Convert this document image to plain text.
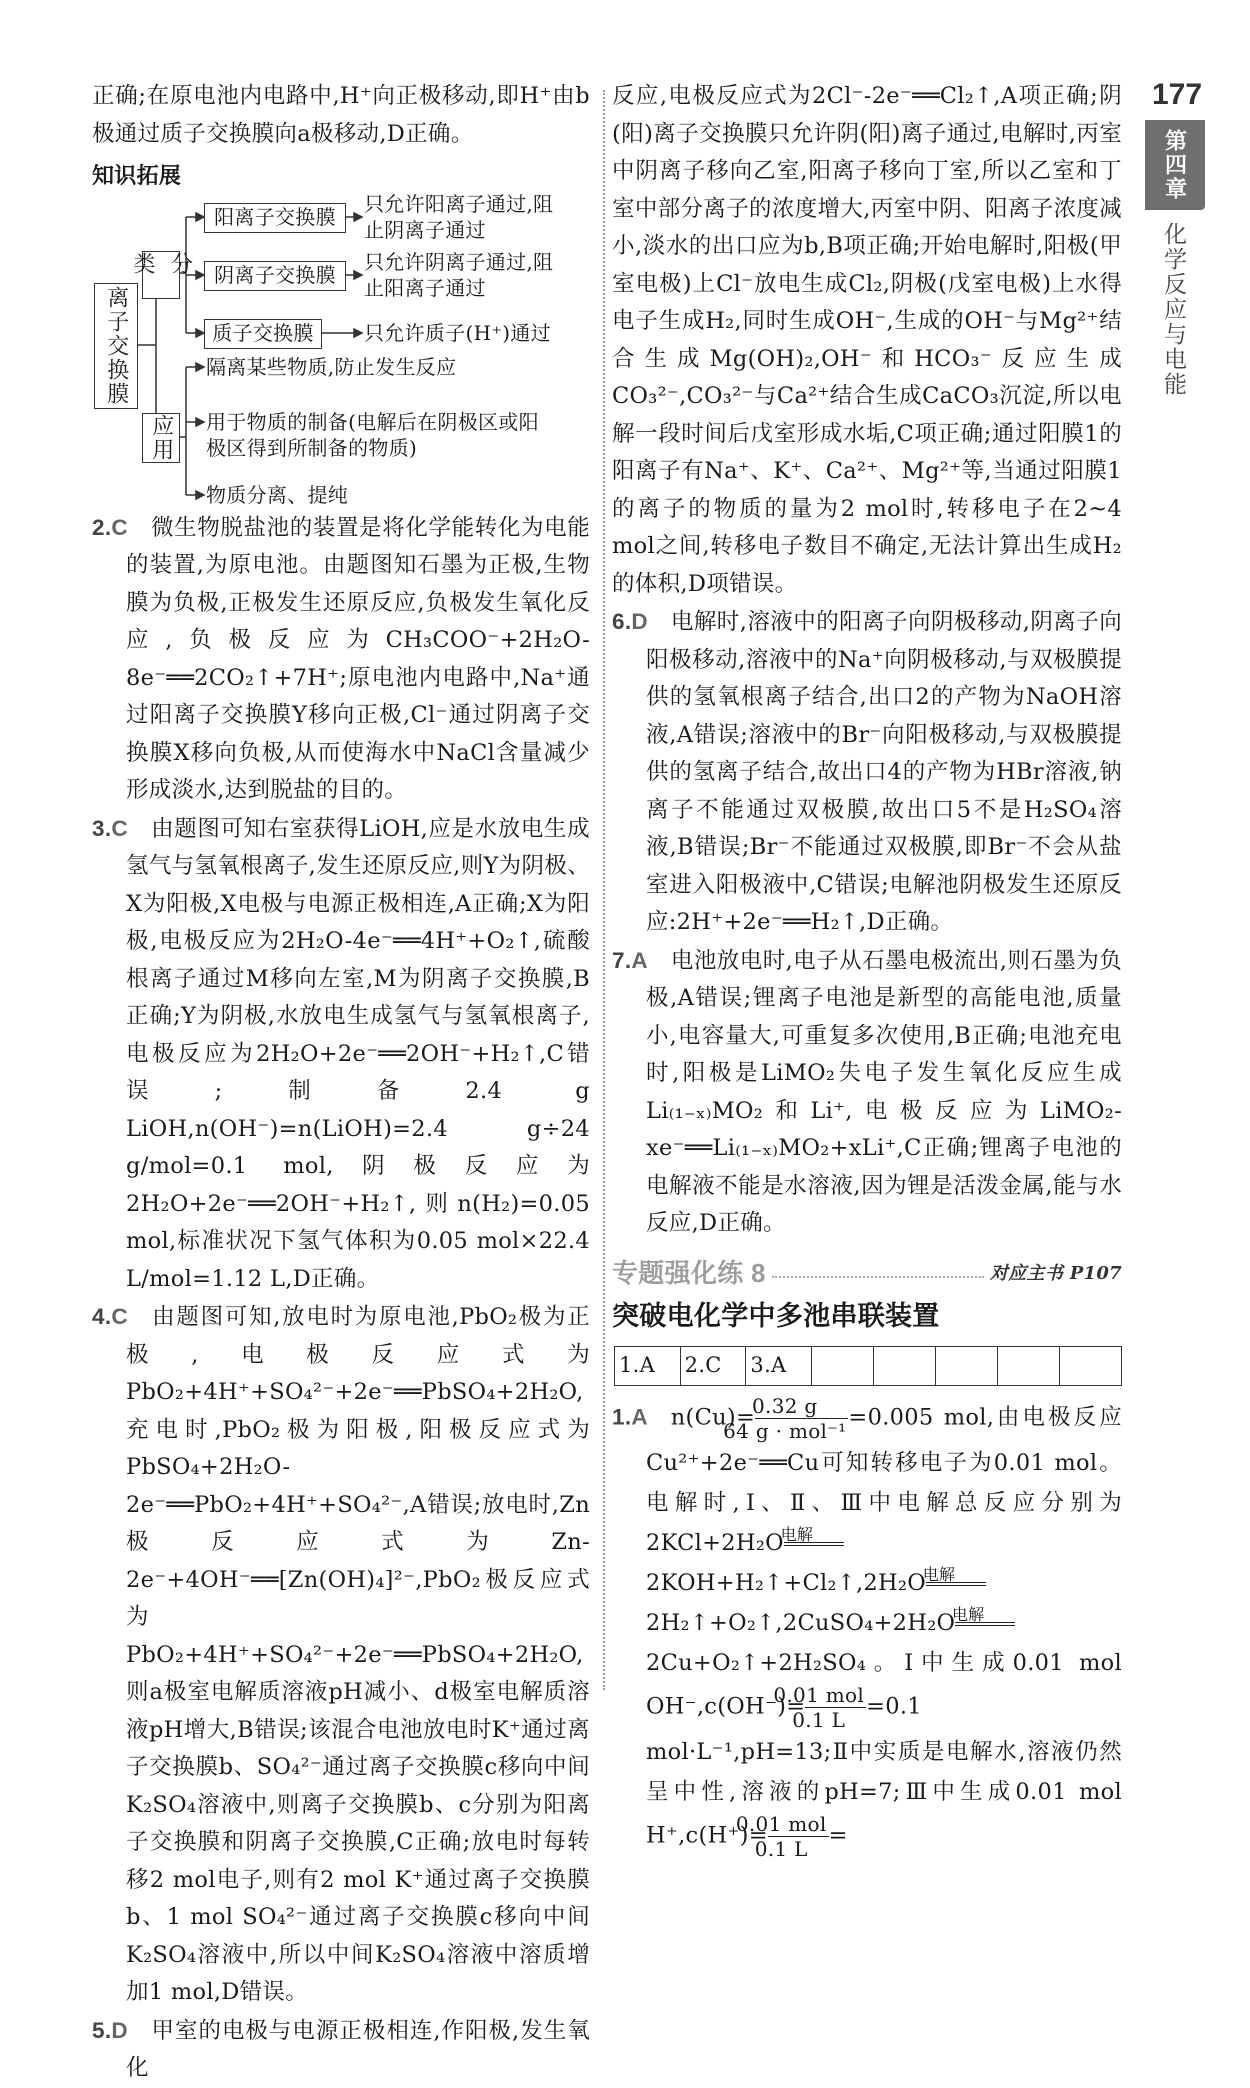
177
第四章
化学反应与电能

正确;在原电池内电路中,H⁺向正极移动,即H⁺由b极通过质子交换膜向a极移动,D正确。

知识拓展
离子交换膜
分类
应用
阳离子交换膜
阴离子交换膜
质子交换膜
只允许阳离子通过,阻
止阴离子通过
只允许阴离子通过,阻
止阳离子通过
只允许质子(H⁺)通过
隔离某些物质,防止发生反应
用于物质的制备(电解后在阴极区或阳
极区得到所制备的物质)
物质分离、提纯

2.C  微生物脱盐池的装置是将化学能转化为电能的装置,为原电池。由题图知石墨为正极,生物膜为负极,正极发生还原反应,负极发生氧化反应,负极反应为CH₃COO⁻+2H₂O-8e⁻══2CO₂↑+7H⁺;原电池内电路中,Na⁺通过阳离子交换膜Y移向正极,Cl⁻通过阴离子交换膜X移向负极,从而使海水中NaCl含量减少形成淡水,达到脱盐的目的。

3.C  由题图可知右室获得LiOH,应是水放电生成氢气与氢氧根离子,发生还原反应,则Y为阴极、X为阳极,X电极与电源正极相连,A正确;X为阳极,电极反应为2H₂O-4e⁻══4H⁺+O₂↑,硫酸根离子通过M移向左室,M为阴离子交换膜,B正确;Y为阴极,水放电生成氢气与氢氧根离子,电极反应为2H₂O+2e⁻══2OH⁻+H₂↑,C错误;制备2.4 g LiOH,n(OH⁻)=n(LiOH)=2.4 g÷24 g/mol=0.1 mol,阴极反应为2H₂O+2e⁻══2OH⁻+H₂↑,则n(H₂)=0.05 mol,标准状况下氢气体积为0.05 mol×22.4 L/mol=1.12 L,D正确。

4.C  由题图可知,放电时为原电池,PbO₂极为正极,电极反应式为PbO₂+4H⁺+SO₄²⁻+2e⁻══PbSO₄+2H₂O,充电时,PbO₂极为阳极,阳极反应式为PbSO₄+2H₂O-2e⁻══PbO₂+4H⁺+SO₄²⁻,A错误;放电时,Zn极反应式为Zn-2e⁻+4OH⁻══[Zn(OH)₄]²⁻,PbO₂极反应式为PbO₂+4H⁺+SO₄²⁻+2e⁻══PbSO₄+2H₂O,则a极室电解质溶液pH减小、d极室电解质溶液pH增大,B错误;该混合电池放电时K⁺通过离子交换膜b、SO₄²⁻通过离子交换膜c移向中间K₂SO₄溶液中,则离子交换膜b、c分别为阳离子交换膜和阴离子交换膜,C正确;放电时每转移2 mol电子,则有2 mol K⁺通过离子交换膜b、1 mol SO₄²⁻通过离子交换膜c移向中间K₂SO₄溶液中,所以中间K₂SO₄溶液中溶质增加1 mol,D错误。

5.D  甲室的电极与电源正极相连,作阳极,发生氧化

反应,电极反应式为2Cl⁻-2e⁻══Cl₂↑,A项正确;阴(阳)离子交换膜只允许阴(阳)离子通过,电解时,丙室中阴离子移向乙室,阳离子移向丁室,所以乙室和丁室中部分离子的浓度增大,丙室中阴、阳离子浓度减小,淡水的出口应为b,B项正确;开始电解时,阳极(甲室电极)上Cl⁻放电生成Cl₂,阴极(戊室电极)上水得电子生成H₂,同时生成OH⁻,生成的OH⁻与Mg²⁺结合生成Mg(OH)₂,OH⁻和HCO₃⁻反应生成CO₃²⁻,CO₃²⁻与Ca²⁺结合生成CaCO₃沉淀,所以电解一段时间后戊室形成水垢,C项正确;通过阳膜1的阳离子有Na⁺、K⁺、Ca²⁺、Mg²⁺等,当通过阳膜1的离子的物质的量为2 mol时,转移电子在2~4 mol之间,转移电子数目不确定,无法计算出生成H₂的体积,D项错误。

6.D  电解时,溶液中的阳离子向阴极移动,阴离子向阳极移动,溶液中的Na⁺向阴极移动,与双极膜提供的氢氧根离子结合,出口2的产物为NaOH溶液,A错误;溶液中的Br⁻向阳极移动,与双极膜提供的氢离子结合,故出口4的产物为HBr溶液,钠离子不能通过双极膜,故出口5不是H₂SO₄溶液,B错误;Br⁻不能通过双极膜,即Br⁻不会从盐室进入阳极液中,C错误;电解池阴极发生还原反应:2H⁺+2e⁻══H₂↑,D正确。

7.A  电池放电时,电子从石墨电极流出,则石墨为负极,A错误;锂离子电池是新型的高能电池,质量小,电容量大,可重复多次使用,B正确;电池充电时,阳极是LiMO₂失电子发生氧化反应生成Li₍₁₋ₓ₎MO₂和Li⁺,电极反应为LiMO₂-xe⁻══Li₍₁₋ₓ₎MO₂+xLi⁺,C正确;锂离子电池的电解液不能是水溶液,因为锂是活泼金属,能与水反应,D正确。

专题强化练 8	对应主书 P107
突破电化学中多池串联装置
1.A	2.C	3.A					

1.A  $n(Cu)= \frac{0.32 g}{\text{64 g · mol⁻¹}} =0.005$ mol,由电极反应Cu²⁺+2e⁻══Cu可知转移电子为0.01 mol。电解时,Ⅰ、Ⅱ、Ⅲ中电解总反应分别为2KCl+2H₂O
电解

2KOH+H₂↑+Cl₂↑,2H₂O
电解

2H₂↑+O₂↑,2CuSO₄+2H₂O
电解

2Cu+O₂↑+2H₂SO₄。Ⅰ中生成0.01 mol $OH^-,c(OH^-)= \frac{\text{0.01 mol}}{0.1 L} =0.1$ mol·L⁻¹,pH=13;Ⅱ中实质是电解水,溶液仍然呈中性,溶液的pH=7;Ⅲ中生成0.01 mol $H^+,c(H^+)= \frac{\text{0.01 mol}}{0.1 L}$ =
